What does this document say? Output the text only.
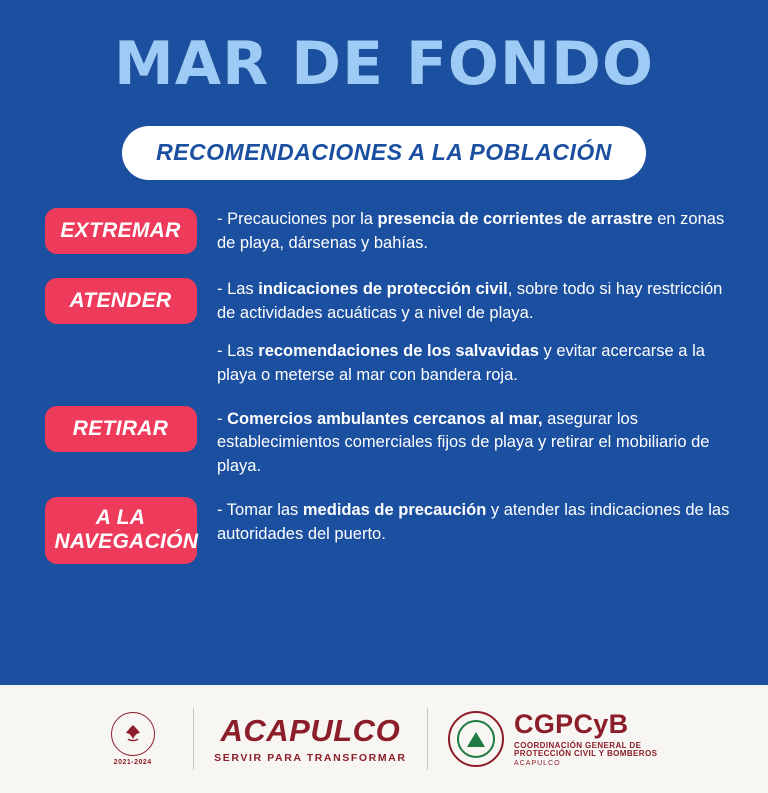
MAR DE FONDO
RECOMENDACIONES A LA POBLACIÓN
EXTREMAR	- Precauciones por la presencia de corrientes de arrastre en zonas de playa, dársenas y bahías.
ATENDER	- Las indicaciones de protección civil, sobre todo si hay restricción de actividades acuáticas y a nivel de playa.
- Las recomendaciones de los salvavidas y evitar acercarse a la playa o meterse al mar con bandera roja.
RETIRAR	- Comercios ambulantes cercanos al mar, asegurar los establecimientos comerciales fijos de playa y retirar el mobiliario de playa.
A LA NAVEGACIÓN
- Tomar las medidas de precaución y atender las indicaciones de las autoridades del puerto.
2021-2024
ACAPULCO
SERVIR PARA TRANSFORMAR
CGPCyB
COORDINACIÓN GENERAL DE
PROTECCIÓN CIVIL Y BOMBEROS
ACAPULCO
